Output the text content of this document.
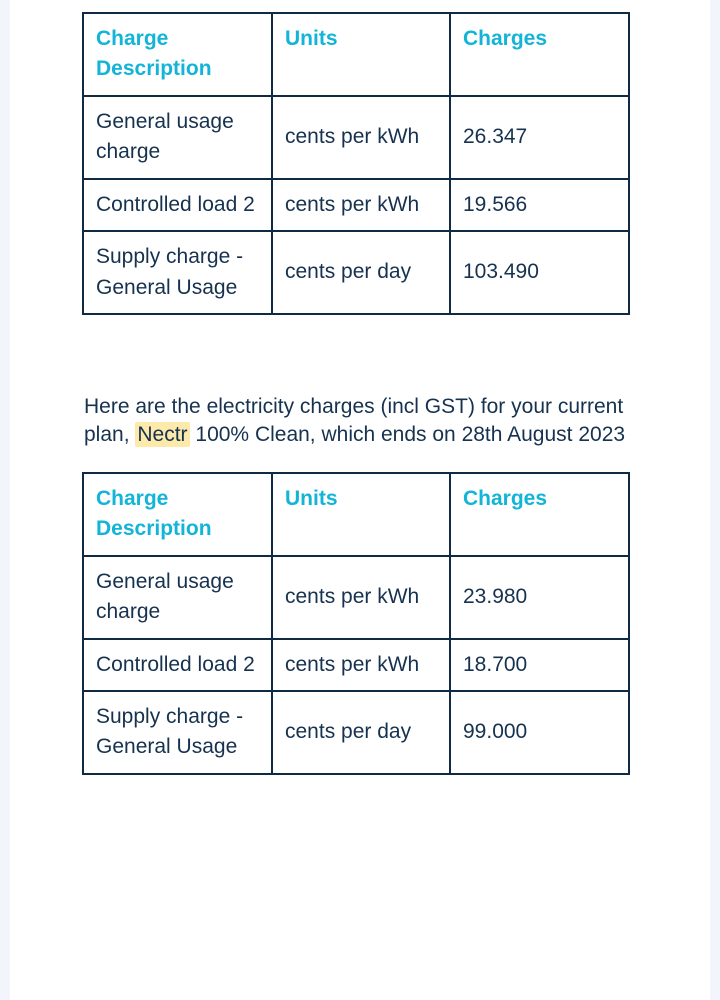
Charge Description	Units	Charges
General usage charge	cents per kWh	26.347
Controlled load 2	cents per kWh	19.566
Supply charge - General Usage	cents per day	103.490

Here are the electricity charges (incl GST) for your current plan, Nectr 100% Clean, which ends on 28th August 2023

Charge Description	Units	Charges
General usage charge	cents per kWh	23.980
Controlled load 2	cents per kWh	18.700
Supply charge - General Usage	cents per day	99.000
